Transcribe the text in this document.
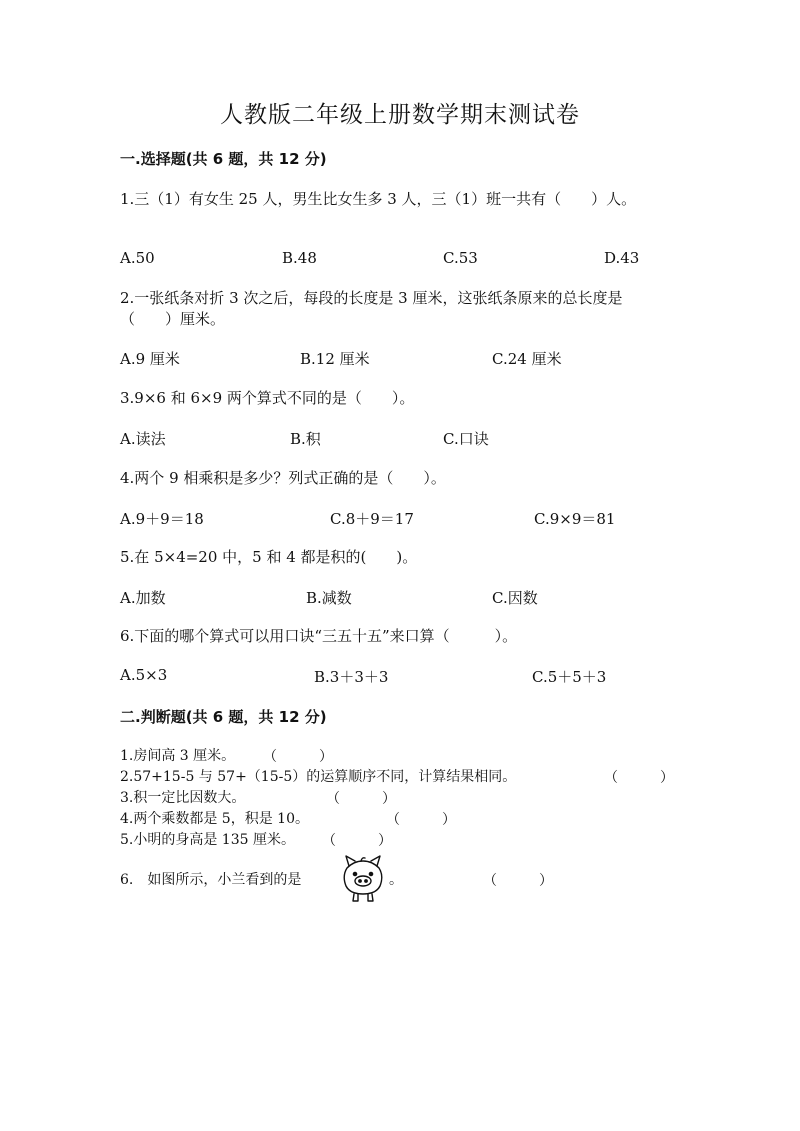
人教版二年级上册数学期末测试卷
一.选择题(共 6 题，共 12 分)
1.三（1）有女生 25 人，男生比女生多 3 人，三（1）班一共有（　　）人。
A.50	B.48	C.53	D.43
2.一张纸条对折 3 次之后，每段的长度是 3 厘米，这张纸条原来的总长度是
（　　）厘米。
A.9 厘米	B.12 厘米	C.24 厘米
3.9×6 和 6×9 两个算式不同的是（　　）。
A.读法	B.积	C.口诀
4.两个 9 相乘积是多少？列式正确的是（　　）。
A.9＋9＝18	C.8＋9＝17	C.9×9＝81
5.在 5×4=20 中，5 和 4 都是积的(　　)。
A.加数	B.减数	C.因数
6.下面的哪个算式可以用口诀“三五十五”来口算（　　　）。
A.5×3	B.3＋3＋3	C.5＋5＋3
二.判断题(共 6 题，共 12 分)
1.房间高 3 厘米。 （　　　）
2.57+15-5 与 57+（15-5）的运算顺序不同，计算结果相同。	（　　　）
3.积一定比因数大。	（　　　）
4.两个乘数都是 5，积是 10。	（　　　）
5.小明的身高是 135 厘米。 （　　　）
6.　如图所示，小兰看到的是	。	（　　　）
